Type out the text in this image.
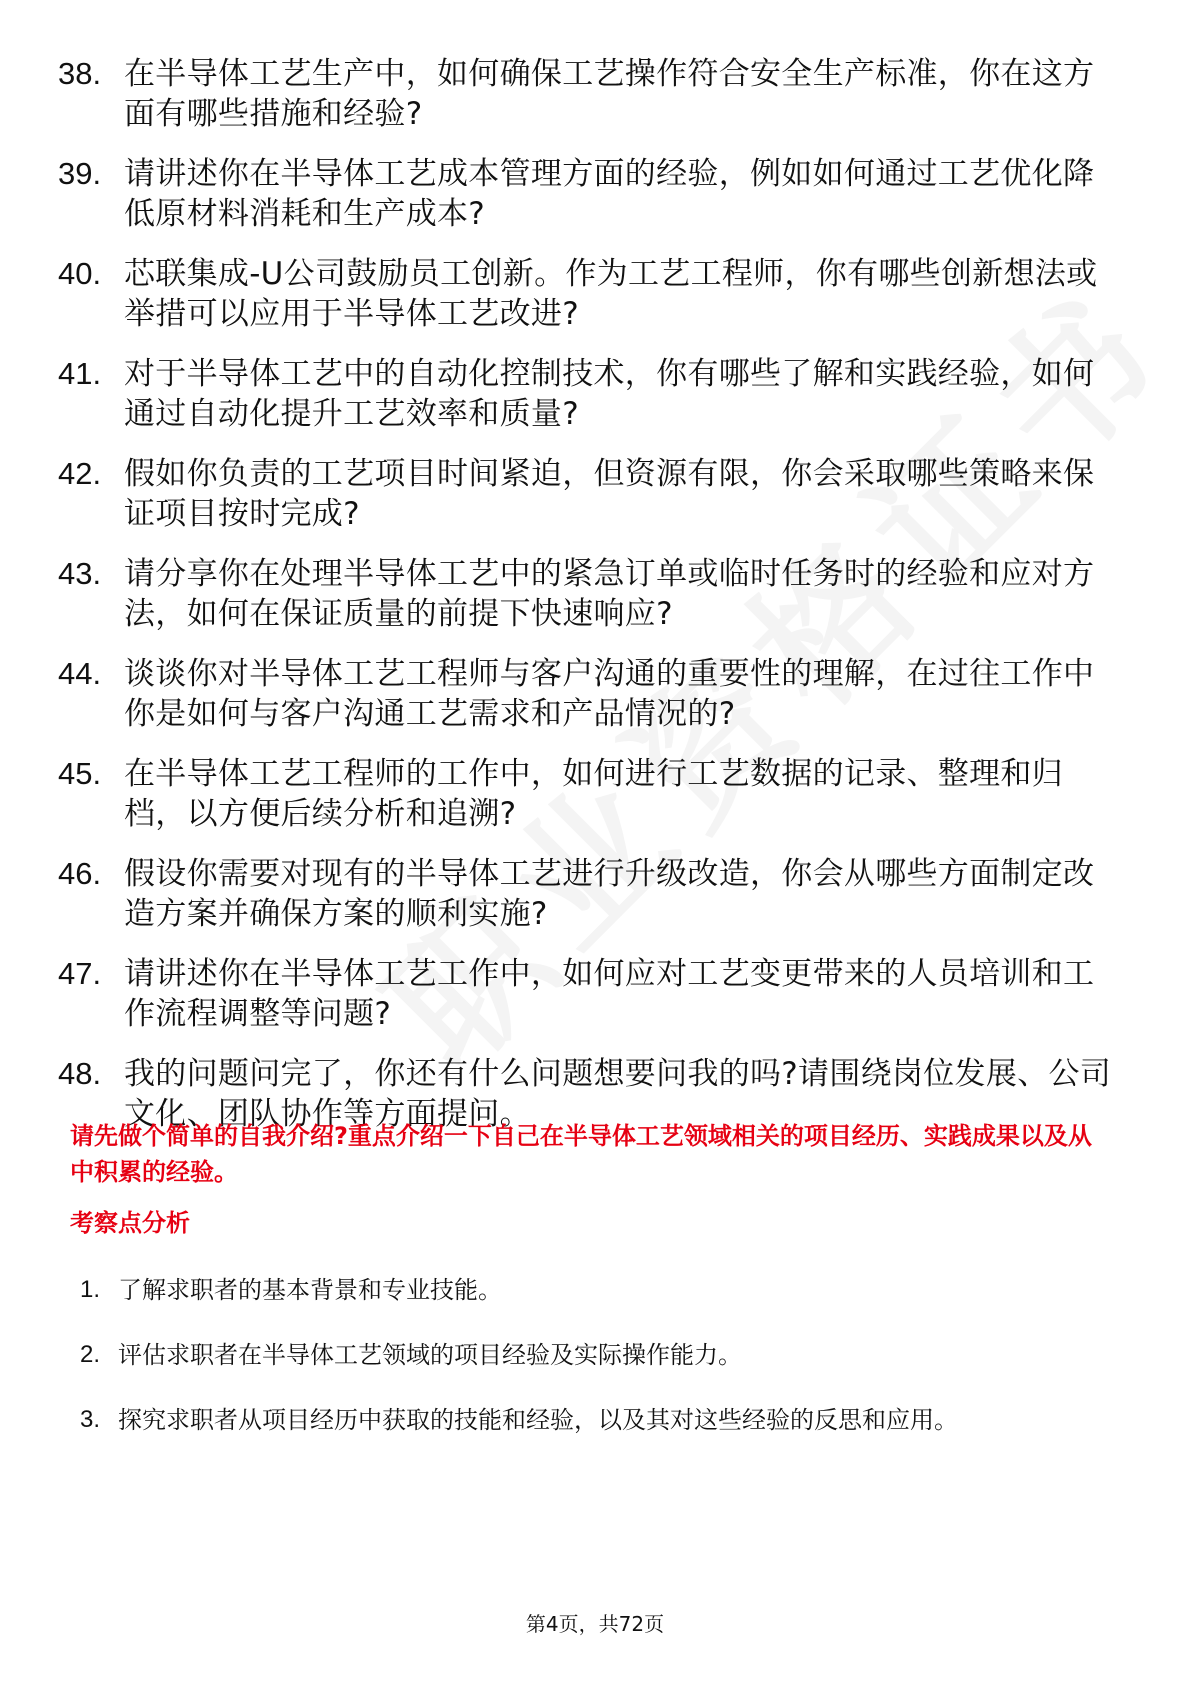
38. 在半导体工艺生产中，如何确保工艺操作符合安全生产标准，你在这方面有哪些措施和经验?
39. 请讲述你在半导体工艺成本管理方面的经验，例如如何通过工艺优化降低原材料消耗和生产成本?
40. 芯联集成-U公司鼓励员工创新。作为工艺工程师，你有哪些创新想法或举措可以应用于半导体工艺改进?
41. 对于半导体工艺中的自动化控制技术，你有哪些了解和实践经验，如何通过自动化提升工艺效率和质量?
42. 假如你负责的工艺项目时间紧迫，但资源有限，你会采取哪些策略来保证项目按时完成?
43. 请分享你在处理半导体工艺中的紧急订单或临时任务时的经验和应对方法，如何在保证质量的前提下快速响应?
44. 谈谈你对半导体工艺工程师与客户沟通的重要性的理解，在过往工作中你是如何与客户沟通工艺需求和产品情况的?
45. 在半导体工艺工程师的工作中，如何进行工艺数据的记录、整理和归档，以方便后续分析和追溯?
46. 假设你需要对现有的半导体工艺进行升级改造，你会从哪些方面制定改造方案并确保方案的顺利实施?
47. 请讲述你在半导体工艺工作中，如何应对工艺变更带来的人员培训和工作流程调整等问题?
48. 我的问题问完了，你还有什么问题想要问我的吗?请围绕岗位发展、公司文化、团队协作等方面提问。

请先做个简单的自我介绍?重点介绍一下自己在半导体工艺领域相关的项目经历、实践成果以及从中积累的经验。

考察点分析
1. 了解求职者的基本背景和专业技能。
2. 评估求职者在半导体工艺领域的项目经验及实际操作能力。
3. 探究求职者从项目经历中获取的技能和经验，以及其对这些经验的反思和应用。
第4页，共72页
